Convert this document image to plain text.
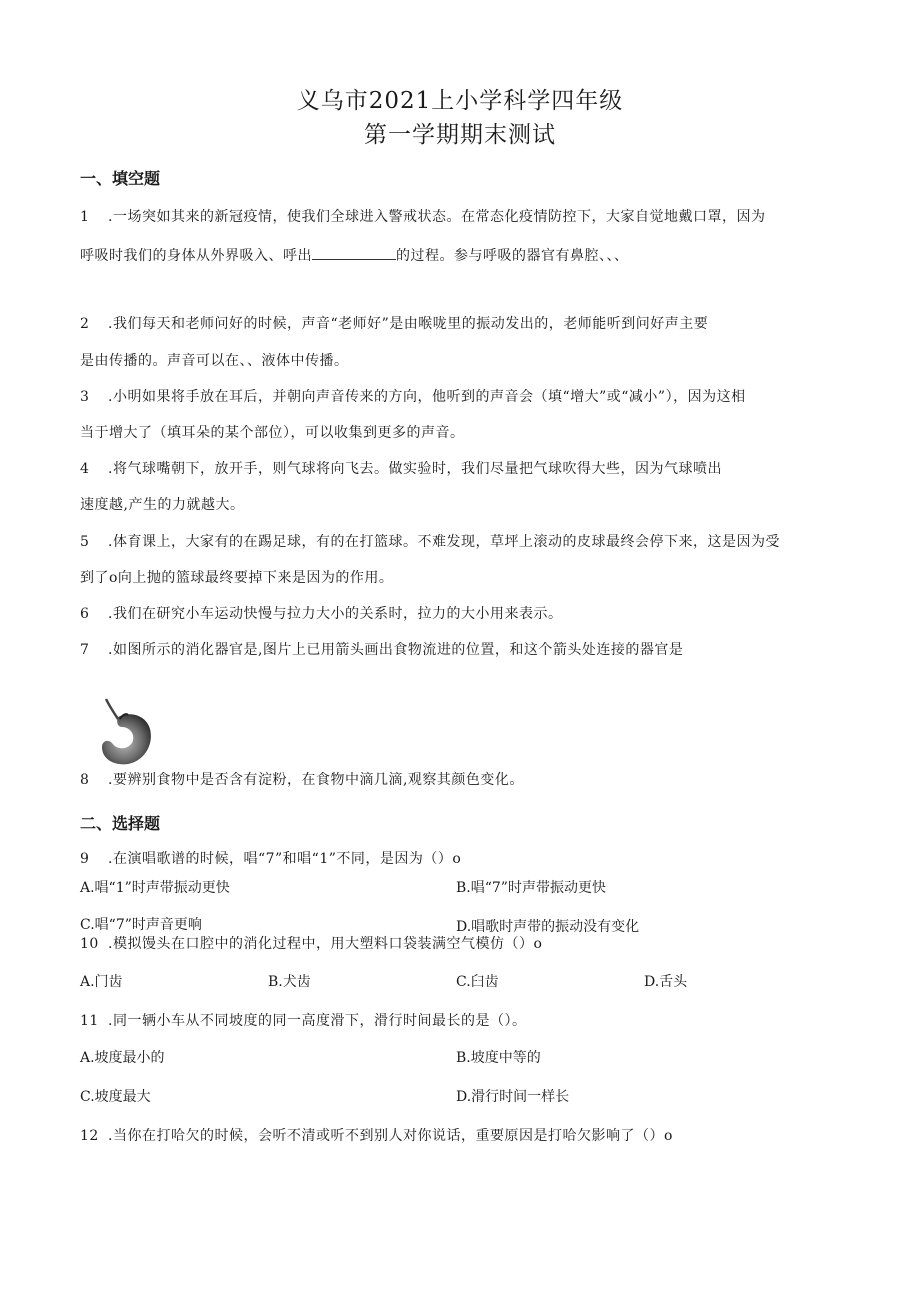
义乌市2021上小学科学四年级
第一学期期末测试
一、填空题
1 .一场突如其来的新冠疫情，使我们全球进入警戒状态。在常态化疫情防控下，大家自觉地戴口罩，因为
呼吸时我们的身体从外界吸入、呼出	的过程。参与呼吸的器官有鼻腔、、、
2 .我们每天和老师问好的时候，声音“老师好”是由喉咙里的振动发出的，老师能听到问好声主要
是由传播的。声音可以在、、液体中传播。
3 .小明如果将手放在耳后，并朝向声音传来的方向，他听到的声音会（填“增大”或“减小”），因为这相
当于增大了（填耳朵的某个部位），可以收集到更多的声音。
4 .将气球嘴朝下，放开手，则气球将向飞去。做实验时，我们尽量把气球吹得大些，因为气球喷出
速度越,产生的力就越大。
5 .体育课上，大家有的在踢足球，有的在打篮球。不难发现，草坪上滚动的皮球最终会停下来，这是因为受
到了o向上抛的篮球最终要掉下来是因为的作用。
6 .我们在研究小车运动快慢与拉力大小的关系时，拉力的大小用来表示。
7 .如图所示的消化器官是,图片上已用箭头画出食物流进的位置，和这个箭头处连接的器官是
8 .要辨别食物中是否含有淀粉，在食物中滴几滴,观察其颜色变化。
二、选择题
9 .在演唱歌谱的时候，唱“7”和唱“1”不同，是因为（）o
A.唱“1”时声带振动更快	B.唱“7”时声带振动更快
C.唱“7”时声音更响	D.唱歌时声带的振动没有变化
10 .模拟馒头在口腔中的消化过程中，用大塑料口袋装满空气模仿（）o
A.门齿	B.犬齿	C.臼齿	D.舌头
11 .同一辆小车从不同坡度的同一高度滑下，滑行时间最长的是（）。
A.坡度最小的	B.坡度中等的
C.坡度最大	D.滑行时间一样长
12 .当你在打哈欠的时候，会听不清或听不到别人对你说话，重要原因是打哈欠影响了（）o
